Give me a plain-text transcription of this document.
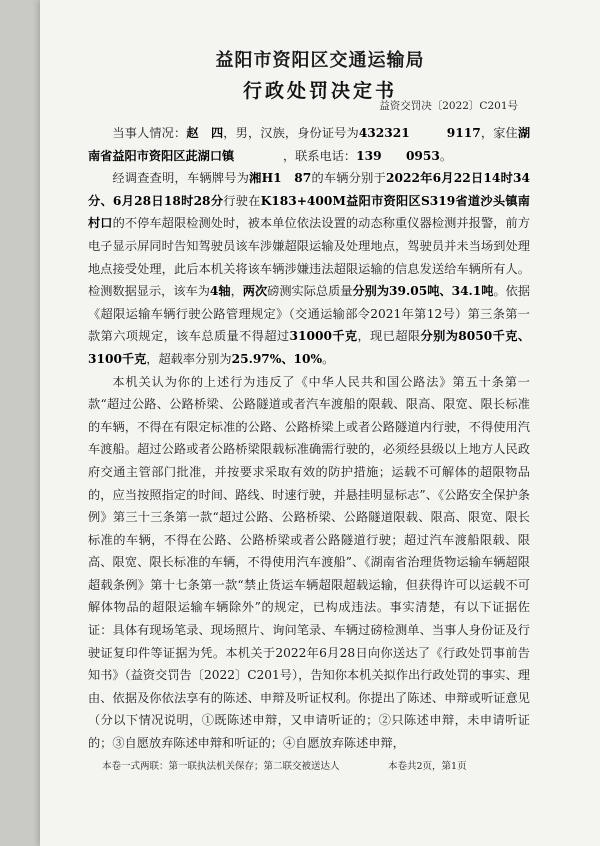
益阳市资阳区交通运输局
行政处罚决定书
益资交罚决〔2022〕C201号

当事人情况：赵　四，男，汉族，身份证号为432321　　　9117，家住湖南省益阳市资阳区茈湖口镇　　　　，联系电话：139　　0953。

经调查查明，车辆牌号为湘H1　87的车辆分别于2022年6月22日14时34分、6月28日18时28分行驶在K183+400M益阳市资阳区S319省道沙头镇南村口的不停车超限检测处时，被本单位依法设置的动态称重仪器检测并报警，前方电子显示屏同时告知驾驶员该车涉嫌超限运输及处理地点，驾驶员并未当场到处理地点接受处理，此后本机关将该车辆涉嫌违法超限运输的信息发送给车辆所有人。检测数据显示，该车为4轴，两次磅测实际总质量分别为39.05吨、34.1吨。依据《超限运输车辆行驶公路管理规定》（交通运输部令2021年第12号）第三条第一款第六项规定，该车总质量不得超过31000千克，现已超限分别为8050千克、3100千克，超载率分别为25.97%、10%。

本机关认为你的上述行为违反了《中华人民共和国公路法》第五十条第一款“超过公路、公路桥梁、公路隧道或者汽车渡船的限载、限高、限宽、限长标准的车辆，不得在有限定标准的公路、公路桥梁上或者公路隧道内行驶，不得使用汽车渡船。超过公路或者公路桥梁限载标准确需行驶的，必须经县级以上地方人民政府交通主管部门批准，并按要求采取有效的防护措施；运载不可解体的超限物品的，应当按照指定的时间、路线、时速行驶，并悬挂明显标志”、《公路安全保护条例》第三十三条第一款“超过公路、公路桥梁、公路隧道限载、限高、限宽、限长标准的车辆，不得在公路、公路桥梁或者公路隧道行驶；超过汽车渡船限载、限高、限宽、限长标准的车辆，不得使用汽车渡船”、《湖南省治理货物运输车辆超限超载条例》第十七条第一款“禁止货运车辆超限超载运输，但获得许可以运载不可解体物品的超限运输车辆除外”的规定，已构成违法。事实清楚，有以下证据佐证：具体有现场笔录、现场照片、询问笔录、车辆过磅检测单、当事人身份证及行驶证复印件等证据为凭。本机关于2022年6月28日向你送达了《行政处罚事前告知书》（益资交罚告〔2022〕C201号），告知你本机关拟作出行政处罚的事实、理由、依据及你依法享有的陈述、申辩及听证权利。你提出了陈述、申辩或听证意见（分以下情况说明，①既陈述申辩，又申请听证的；②只陈述申辩，未申请听证的；③自愿放弃陈述申辩和听证的；④自愿放弃陈述申辩，

本卷一式两联：第一联执法机关保存；第二联交被送达人	本卷共2页，第1页
